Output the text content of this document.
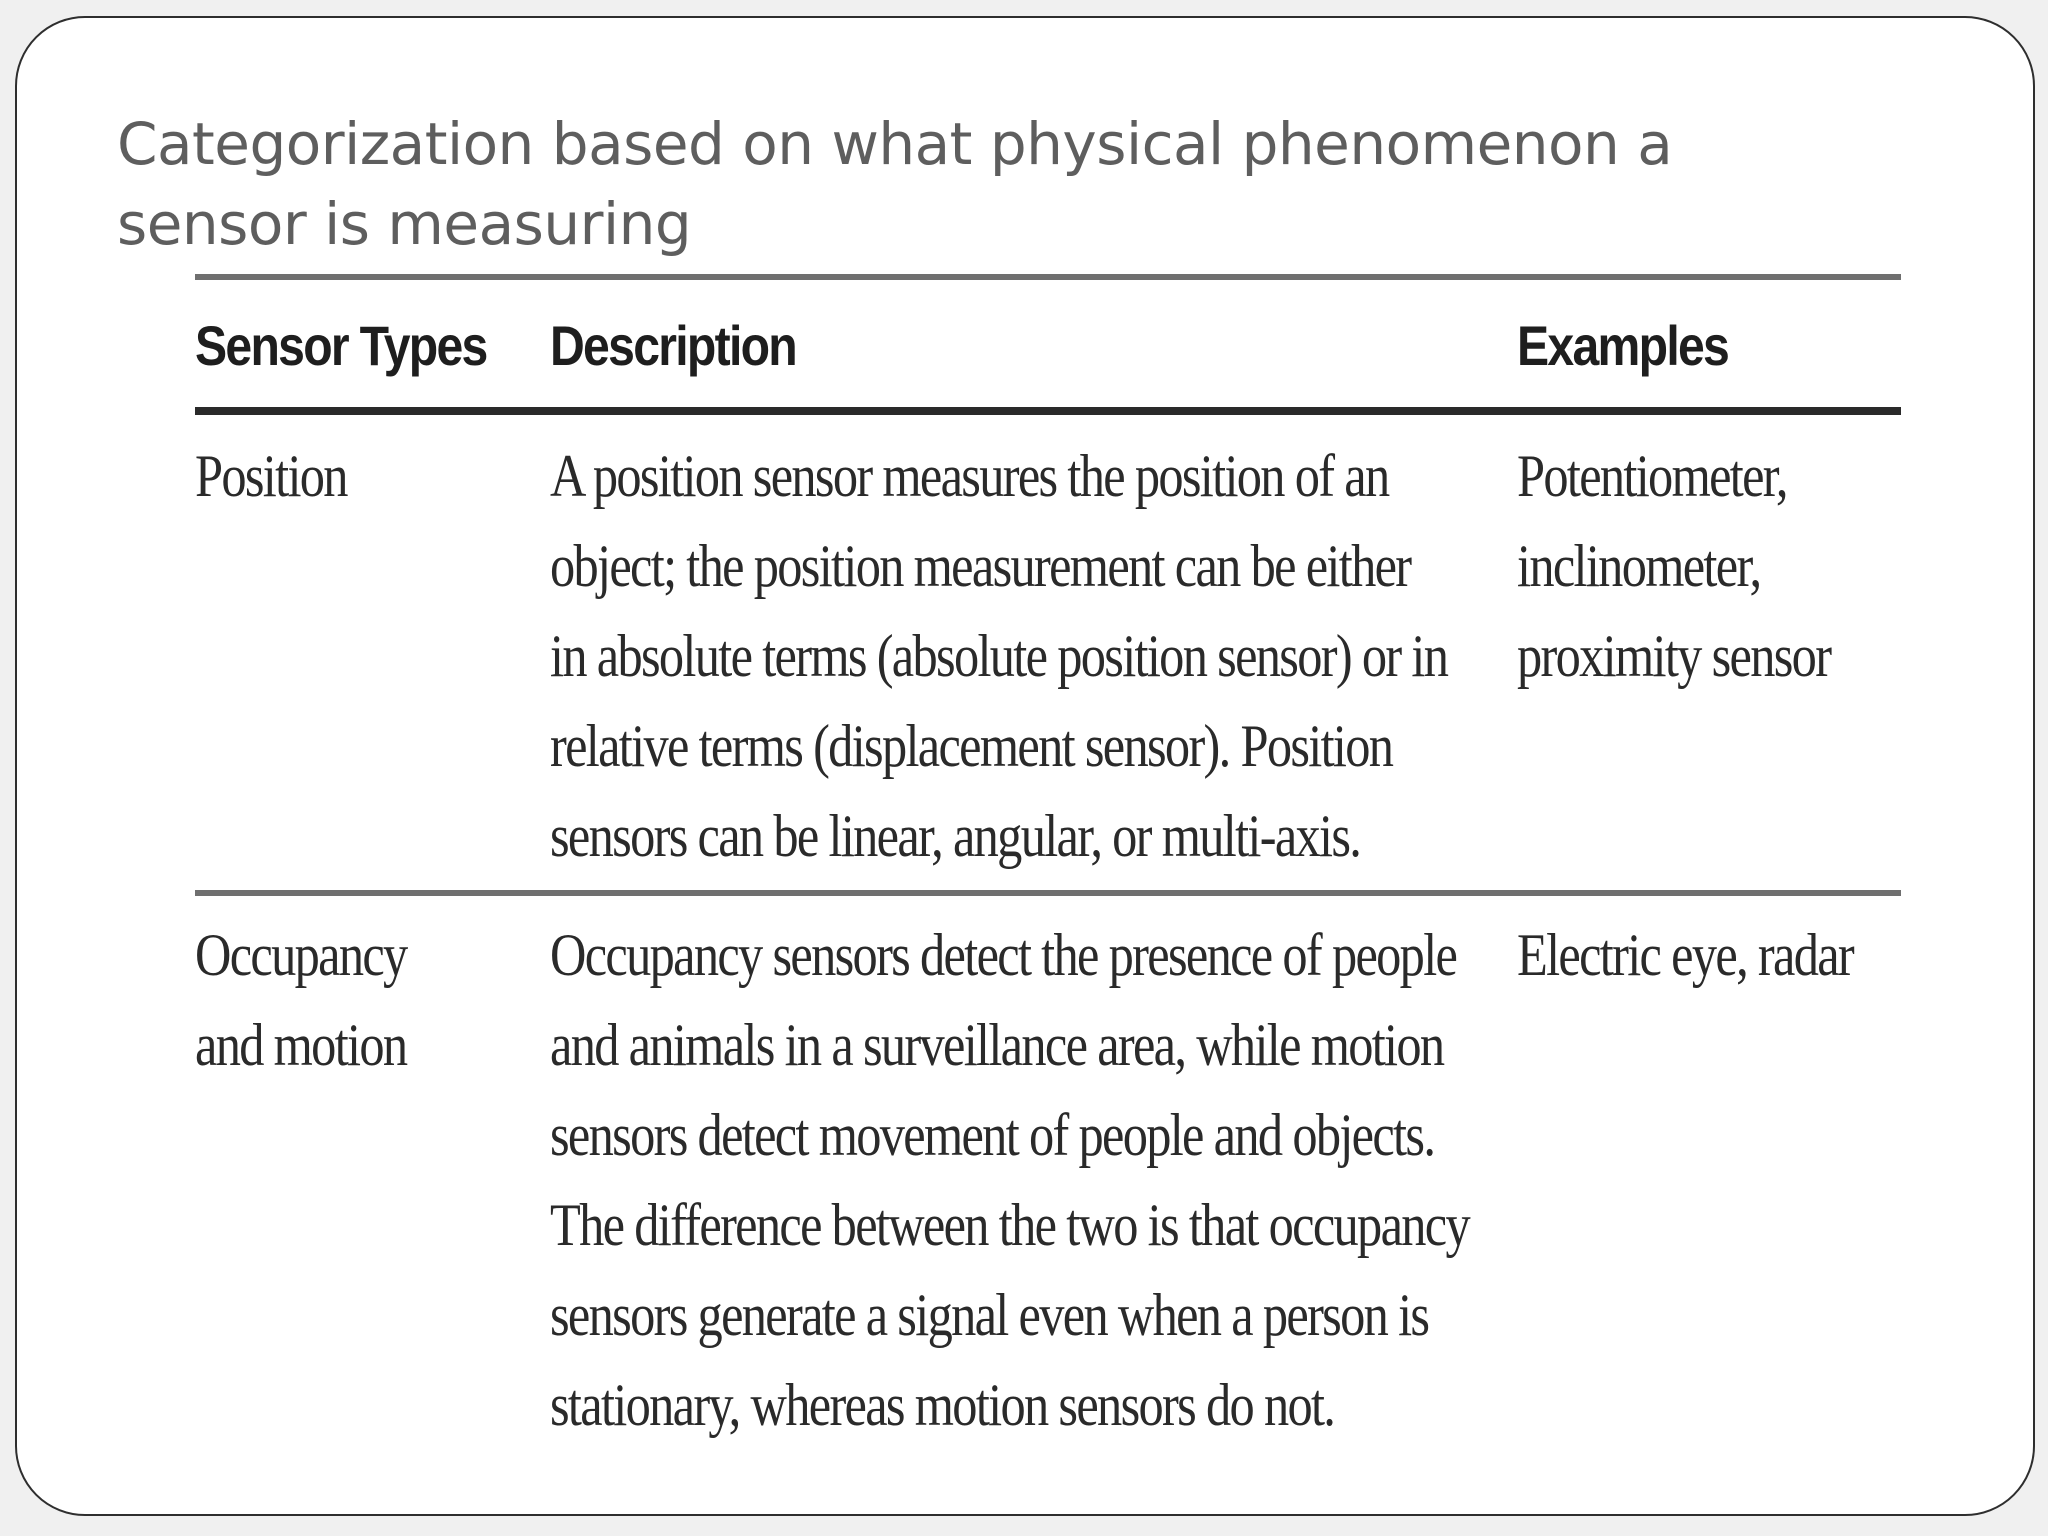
Categorization based on what physical phenomenon a sensor is measuring
Sensor Types Description	Examples
Position	A position sensor measures the position of an
object; the position measurement can be either
in absolute terms (absolute position sensor) or in
relative terms (displacement sensor). Position
sensors can be linear, angular, or multi-axis.
Potentiometer,
inclinometer,
proximity sensor
Occupancy
and motion
Occupancy sensors detect the presence of people
and animals in a surveillance area, while motion
sensors detect movement of people and objects.
The difference between the two is that occupancy
sensors generate a signal even when a person is
stationary, whereas motion sensors do not.
Electric eye, radar
